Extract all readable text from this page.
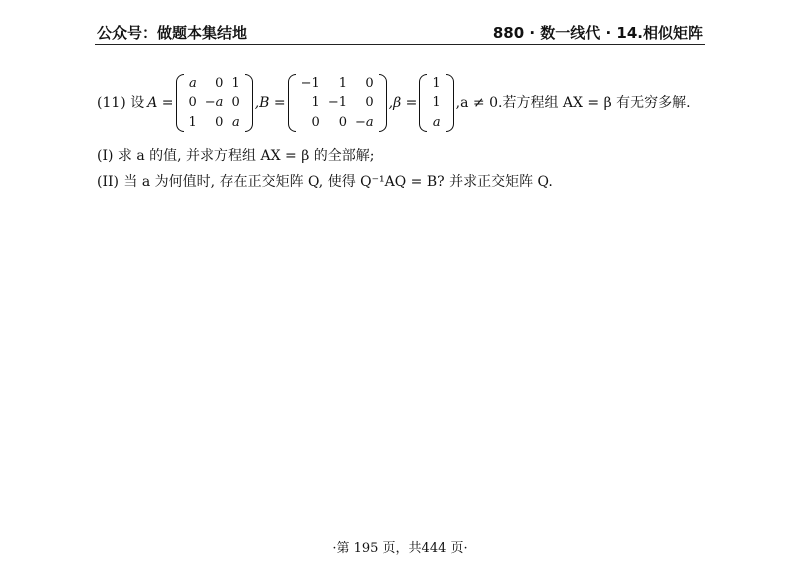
公众号：做题本集结地	880 · 数一线代 · 14.相似矩阵
(11) 设 A =
a	0	1
0	−a	0
1	0	a
,B =
−1	1	0
1	−1	0
0	0	−a
,β =
1
1
a
,a ≠ 0.若方程组 AX = β 有无穷多解.
(I) 求 a 的值, 并求方程组 AX = β 的全部解;
(II) 当 a 为何值时, 存在正交矩阵 Q, 使得 Q⁻¹AQ = B? 并求正交矩阵 Q.
·第 195 页，共444 页·
